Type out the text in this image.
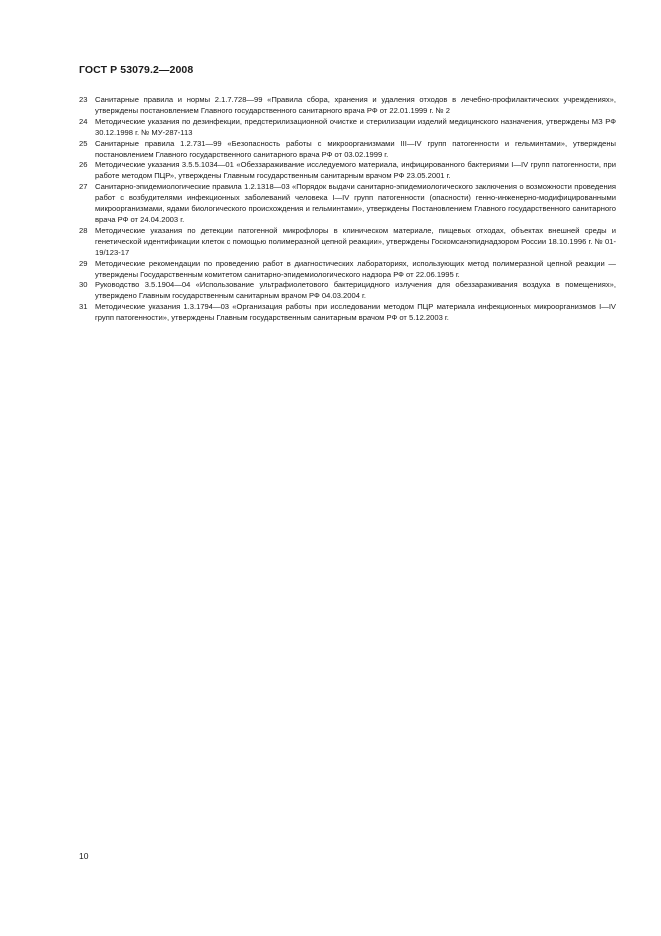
ГОСТ Р 53079.2—2008
23 Санитарные правила и нормы 2.1.7.728—99 «Правила сбора, хранения и удаления отходов в лечебно-профилактических учреждениях», утверждены постановлением Главного государственного санитарного врача РФ от 22.01.1999 г. № 2
24 Методические указания по дезинфекции, предстерилизационной очистке и стерилизации изделий медицинского назначения, утверждены МЗ РФ 30.12.1998 г. № МУ-287-113
25 Санитарные правила 1.2.731—99 «Безопасность работы с микроорганизмами III—IV групп патогенности и гельминтами», утверждены постановлением Главного государственного санитарного врача РФ от 03.02.1999 г.
26 Методические указания 3.5.5.1034—01 «Обеззараживание исследуемого материала, инфицированного бактериями I—IV групп патогенности, при работе методом ПЦР», утверждены Главным государственным санитарным врачом РФ 23.05.2001 г.
27 Санитарно-эпидемиологические правила 1.2.1318—03 «Порядок выдачи санитарно-эпидемиологического заключения о возможности проведения работ с возбудителями инфекционных заболеваний человека I—IV групп патогенности (опасности) генно-инженерно-модифицированными микроорганизмами, ядами биологического происхождения и гельминтами», утверждены Постановлением Главного государственного санитарного врача РФ от 24.04.2003 г.
28 Методические указания по детекции патогенной микрофлоры в клиническом материале, пищевых отходах, объектах внешней среды и генетической идентификации клеток с помощью полимеразной цепной реакции», утверждены Госкомсанэпиднадзором России 18.10.1996 г. № 01-19/123-17
29 Методические рекомендации по проведению работ в диагностических лабораториях, использующих метод полимеразной цепной реакции — утверждены Государственным комитетом санитарно-эпидемиологического надзора РФ от 22.06.1995 г.
30 Руководство 3.5.1904—04 «Использование ультрафиолетового бактерицидного излучения для обеззараживания воздуха в помещениях», утверждено Главным государственным санитарным врачом РФ 04.03.2004 г.
31 Методические указания 1.3.1794—03 «Организация работы при исследовании методом ПЦР материала инфекционных микроорганизмов I—IV групп патогенности», утверждены Главным государственным санитарным врачом РФ от 5.12.2003 г.
10
